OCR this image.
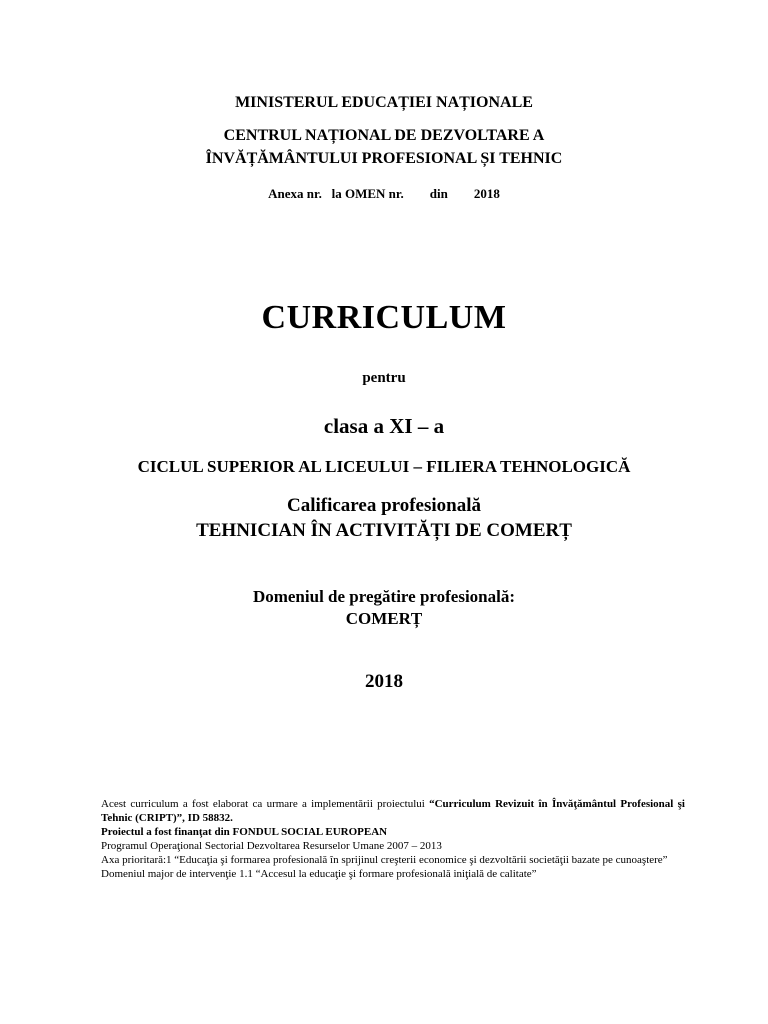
MINISTERUL EDUCAȚIEI NAȚIONALE
CENTRUL NAȚIONAL DE DEZVOLTARE A
ÎNVĂȚĂMÂNTULUI PROFESIONAL ȘI TEHNIC
Anexa nr. la OMEN nr. din 2018
CURRICULUM
pentru
clasa a XI – a
CICLUL SUPERIOR AL LICEULUI – FILIERA TEHNOLOGICĂ
Calificarea profesională
TEHNICIAN ÎN ACTIVITĂȚI DE COMERȚ
Domeniul de pregătire profesională:
COMERȚ
2018

Acest curriculum a fost elaborat ca urmare a implementării proiectului “Curriculum Revizuit în Învăţământul Profesional şi Tehnic (CRIPT)”, ID 58832.

Proiectul a fost finanţat din FONDUL SOCIAL EUROPEAN

Programul Operaţional Sectorial Dezvoltarea Resurselor Umane 2007 – 2013

Axa prioritară:1 “Educaţia şi formarea profesională în sprijinul creşterii economice şi dezvoltării societăţii bazate pe cunoaştere”

Domeniul major de intervenţie 1.1 “Accesul la educaţie şi formare profesională iniţială de calitate”
